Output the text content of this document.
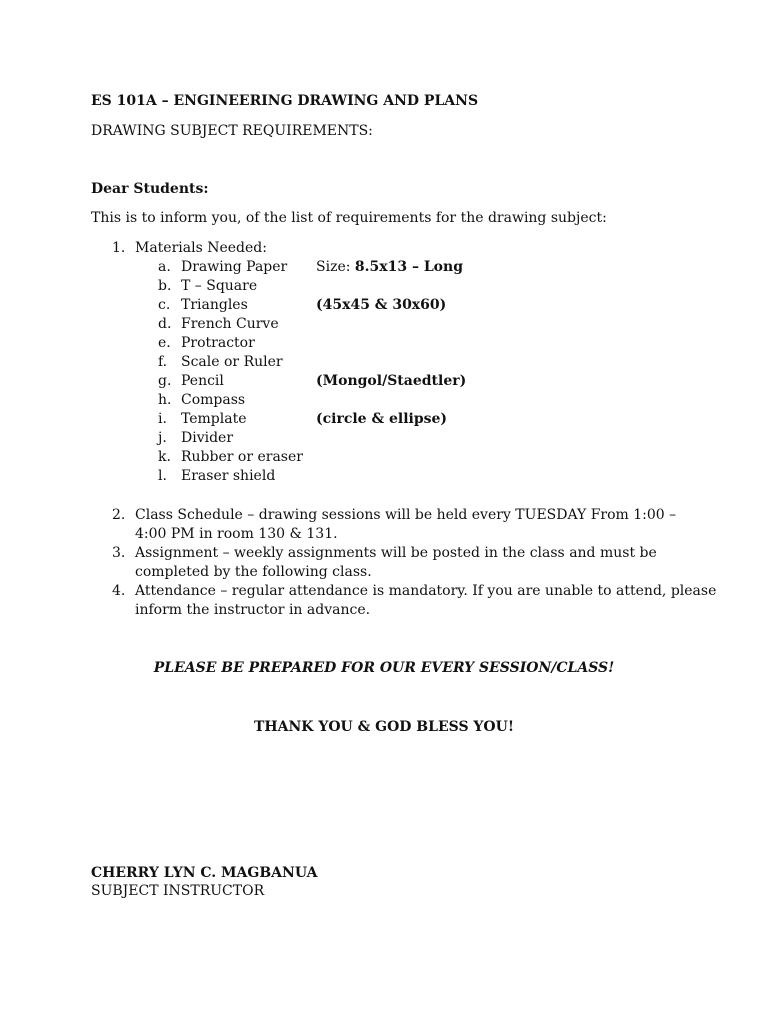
ES 101A – ENGINEERING DRAWING AND PLANS
DRAWING SUBJECT REQUIREMENTS:
Dear Students:
This is to inform you, of the list of requirements for the drawing subject:
1. Materials Needed:
a. Drawing Paper Size: 8.5x13 – Long
b. T – Square
c. Triangles	(45x45 & 30x60)
d. French Curve
e. Protractor
f. Scale or Ruler
g. Pencil	(Mongol/Staedtler)
h. Compass
i. Template	(circle & ellipse)
j. Divider
k. Rubber or eraser
l. Eraser shield
2. Class Schedule – drawing sessions will be held every TUESDAY From 1:00 –
4:00 PM in room 130 & 131.
3. Assignment – weekly assignments will be posted in the class and must be
completed by the following class.
4. Attendance – regular attendance is mandatory. If you are unable to attend, please
inform the instructor in advance.
PLEASE BE PREPARED FOR OUR EVERY SESSION/CLASS!
THANK YOU & GOD BLESS YOU!
CHERRY LYN C. MAGBANUA
SUBJECT INSTRUCTOR
